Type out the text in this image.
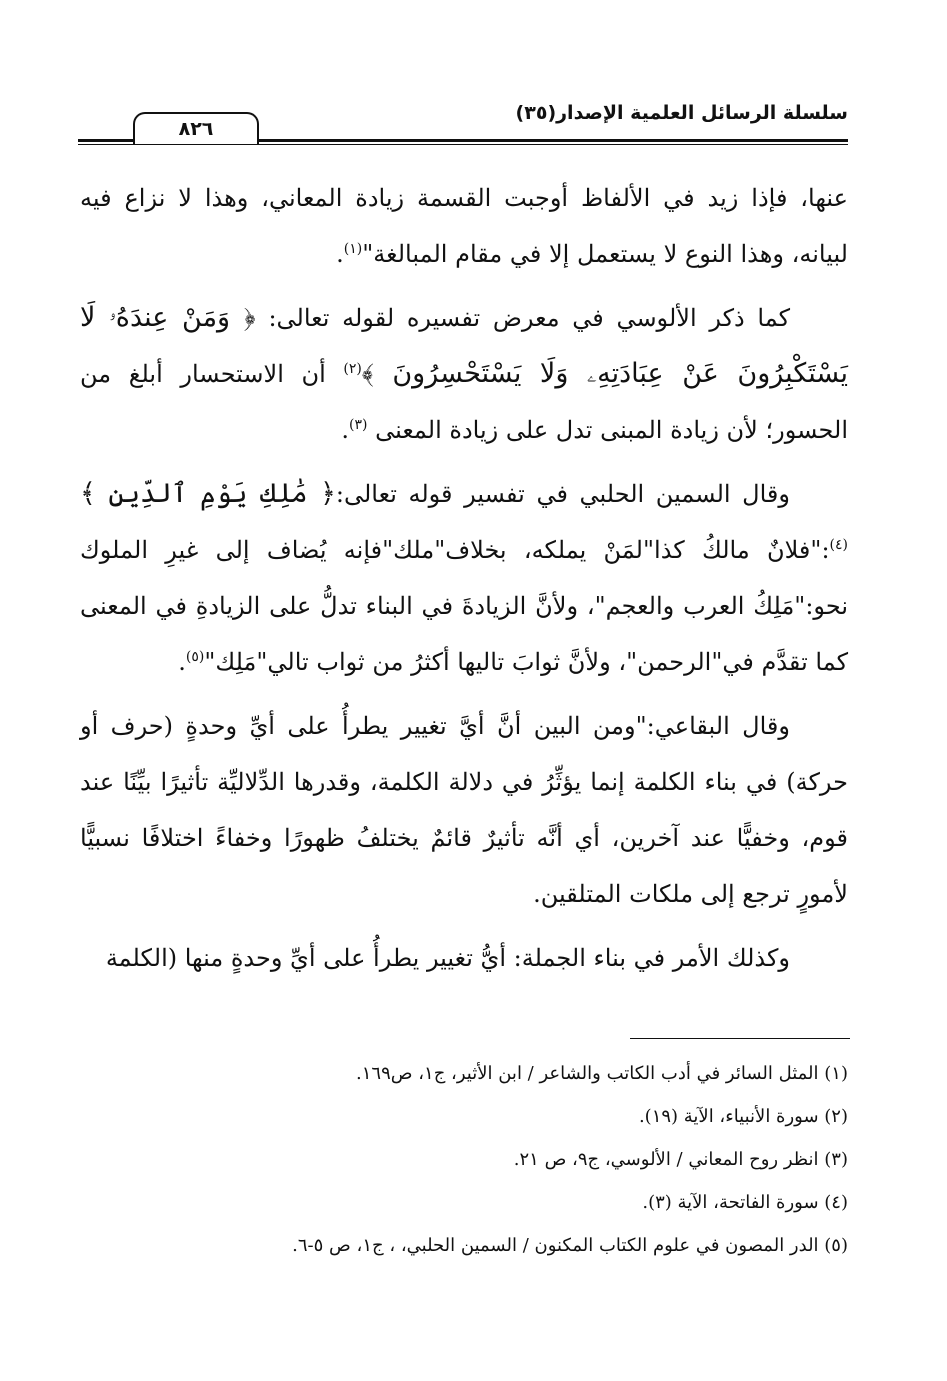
٨٢٦
سلسلة الرسائل العلمية الإصدار(٣٥)

عنها، فإذا زيد في الألفاظ أوجبت القسمة زيادة المعاني، وهذا لا نزاع فيه لبيانه، وهذا النوع لا يستعمل إلا في مقام المبالغة"$^{(١)}$.

كما ذكر الألوسي في معرض تفسيره لقوله تعالى: ﴿ وَمَنْ عِندَهُۥ لَا يَسْتَكْبِرُونَ عَنْ عِبَادَتِهِۦ وَلَا يَسْتَحْسِرُونَ ﴾$^{(٢)}$ أن الاستحسار أبلغ من الحسور؛ لأن زيادة المبنى تدل على زيادة المعنى $^{(٣)}$.

وقال السمين الحلبي في تفسير قوله تعالى:﴿ مَٰلِكِ يَوْمِ ٱلدِّينِ ﴾$^{(٤)}$:"فلانٌ مالكُ كذا"لمَنْ يملكه، بخلاف"ملك"فإنه يُضاف إلى غيرِ الملوك نحو:"مَلِكُ العرب والعجم"، ولأنَّ الزيادةَ في البناء تدلُّ على الزيادةِ في المعنى كما تقدَّم في"الرحمن"، ولأنَّ ثوابَ تاليها أكثرُ من ثواب تالي"مَلِك"$^{(٥)}$.

وقال البقاعي:"ومن البين أنَّ أيَّ تغيير يطرأُ على أيِّ وحدةٍ (حرف أو حركة) في بناء الكلمة إنما يؤثِّرُ في دلالة الكلمة، وقدرها الدِّلاليِّة تأثيرًا بيِّنًا عند قوم، وخفيًّا عند آخرين، أي أنَّه تأثيرٌ قائمٌ يختلفُ ظهورًا وخفاءً اختلافًا نسبيًّا لأمورٍ ترجع إلى ملكات المتلقين.

وكذلك الأمر في بناء الجملة: أيُّ تغيير يطرأُ على أيِّ وحدةٍ منها (الكلمة

(١) المثل السائر في أدب الكاتب والشاعر / ابن الأثير، ج١، ص١٦٩.

(٢) سورة الأنبياء، الآية (١٩).

(٣) انظر روح المعاني / الألوسي، ج٩، ص ٢١.

(٤) سورة الفاتحة، الآية (٣).

(٥) الدر المصون في علوم الكتاب المكنون / السمين الحلبي، ، ج١، ص ٥-٦.
